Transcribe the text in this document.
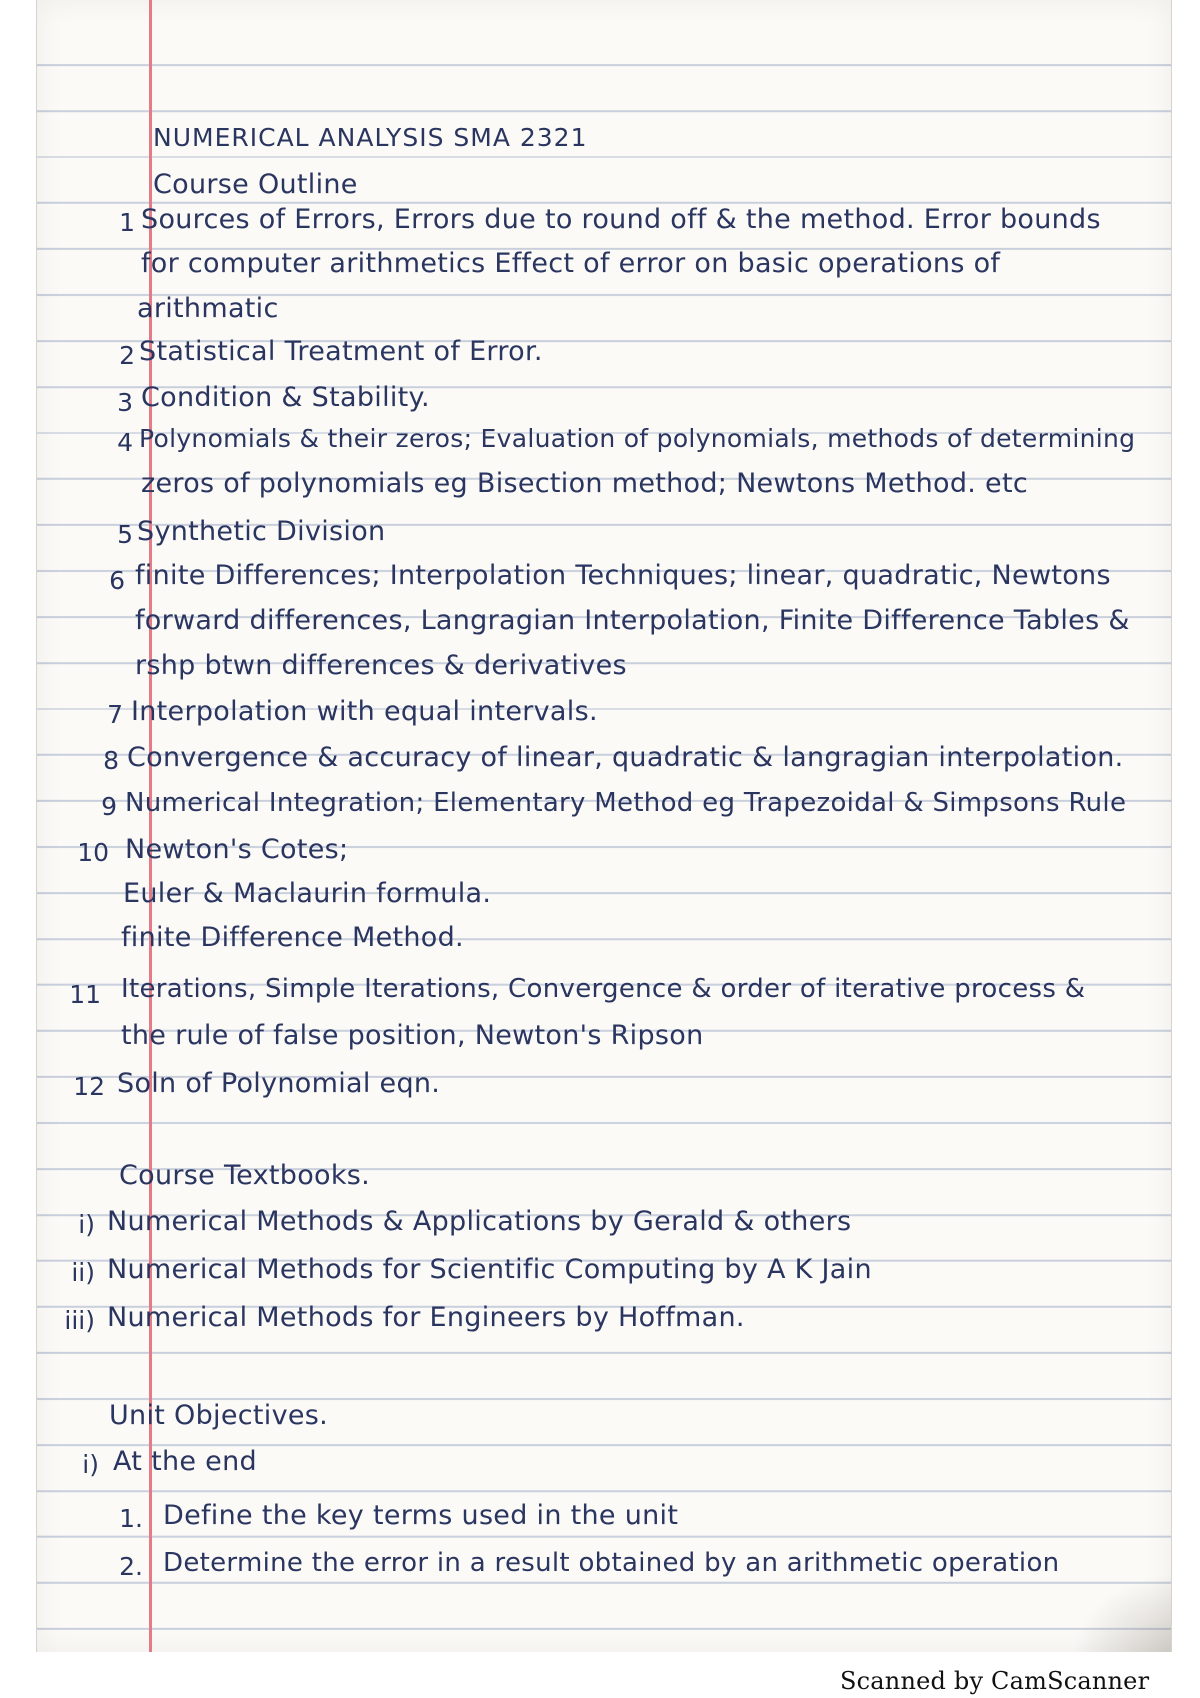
NUMERICAL ANALYSIS SMA 2321
Course Outline
1 Sources of Errors, Errors due to round off & the method. Error bounds
for computer arithmetics Effect of error on basic operations of
arithmatic
2 Statistical Treatment of Error.
3 Condition & Stability.
4 Polynomials & their zeros; Evaluation of polynomials, methods of determining
zeros of polynomials eg Bisection method; Newtons Method. etc
5 Synthetic Division
6 finite Differences; Interpolation Techniques; linear, quadratic, Newtons
forward differences, Langragian Interpolation, Finite Difference Tables &
rshp btwn differences & derivatives
7 Interpolation with equal intervals.
8 Convergence & accuracy of linear, quadratic & langragian interpolation.
9 Numerical Integration; Elementary Method eg Trapezoidal & Simpsons Rule
10 Newton's Cotes;
Euler & Maclaurin formula.
finite Difference Method.
11 Iterations, Simple Iterations, Convergence & order of iterative process &
the rule of false position, Newton's Ripson
12 Soln of Polynomial eqn.
Course Textbooks.
i) Numerical Methods & Applications by Gerald & others
ii) Numerical Methods for Scientific Computing by A K Jain
iii) Numerical Methods for Engineers by Hoffman.
Unit Objectives.
i) At the end
1. Define the key terms used in the unit
2. Determine the error in a result obtained by an arithmetic operation
Scanned by CamScanner
